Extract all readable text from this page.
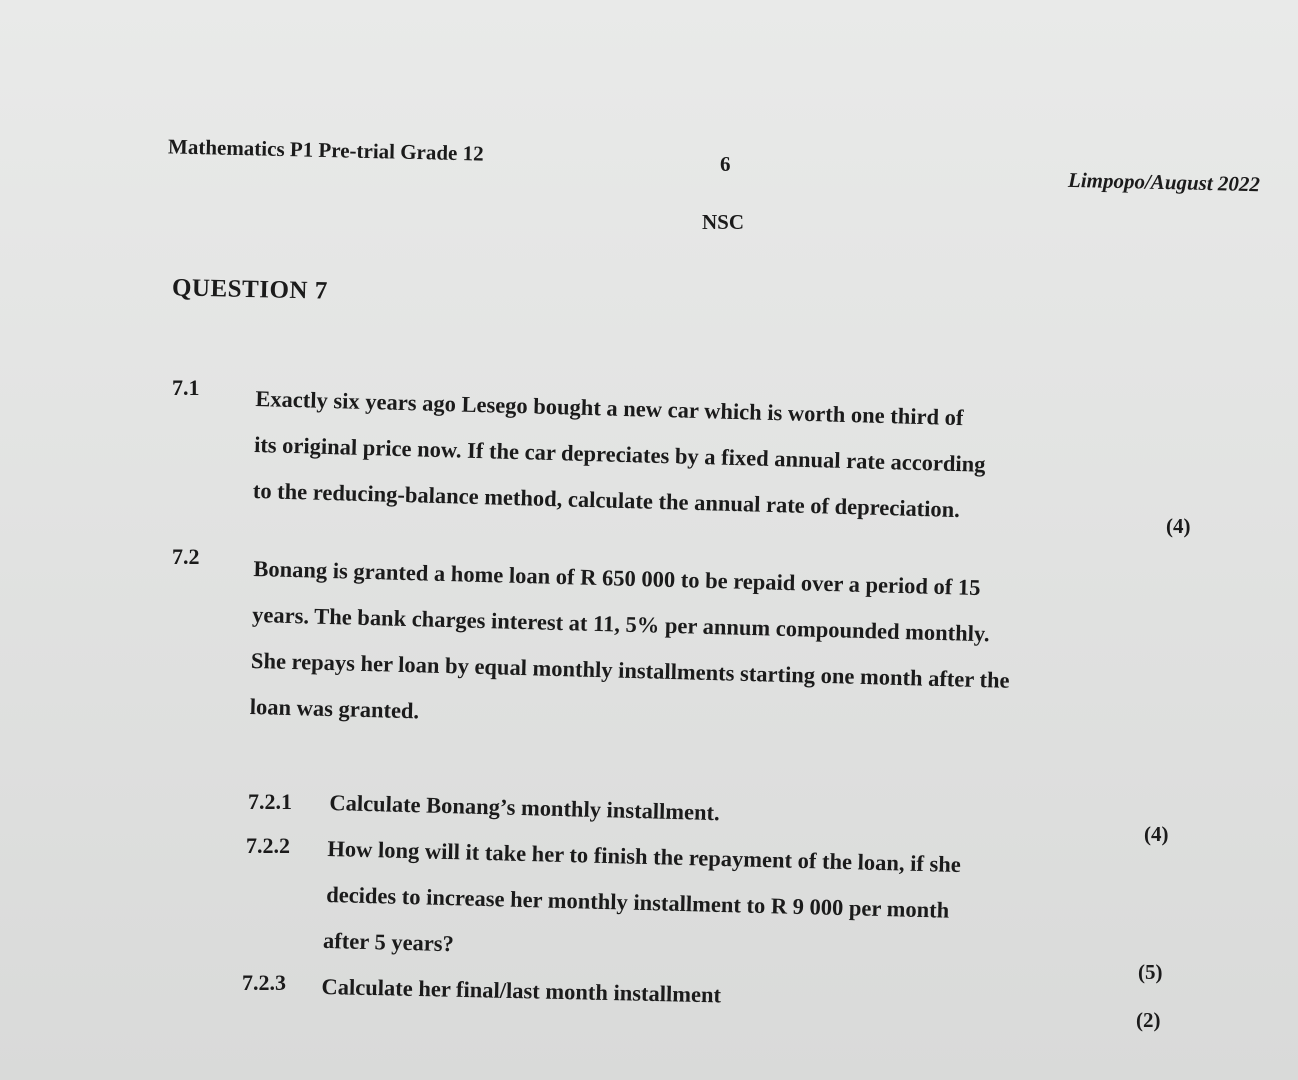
Mathematics P1 Pre-trial Grade 12	6
Limpopo/August 2022
NSC
QUESTION 7
7.1 Exactly six years ago Lesego bought a new car which is worth one third of
its original price now. If the car depreciates by a fixed annual rate according
to the reducing-balance method, calculate the annual rate of depreciation.
(4)
7.2 Bonang is granted a home loan of R 650 000 to be repaid over a period of 15
years. The bank charges interest at 11, 5% per annum compounded monthly.
She repays her loan by equal monthly installments starting one month after the
loan was granted.
7.2.1 Calculate Bonang’s monthly installment.
(4)
7.2.2 How long will it take her to finish the repayment of the loan, if she
decides to increase her monthly installment to R 9 000 per month
after 5 years?
(5)
7.2.3 Calculate her final/last month installment
(2)
